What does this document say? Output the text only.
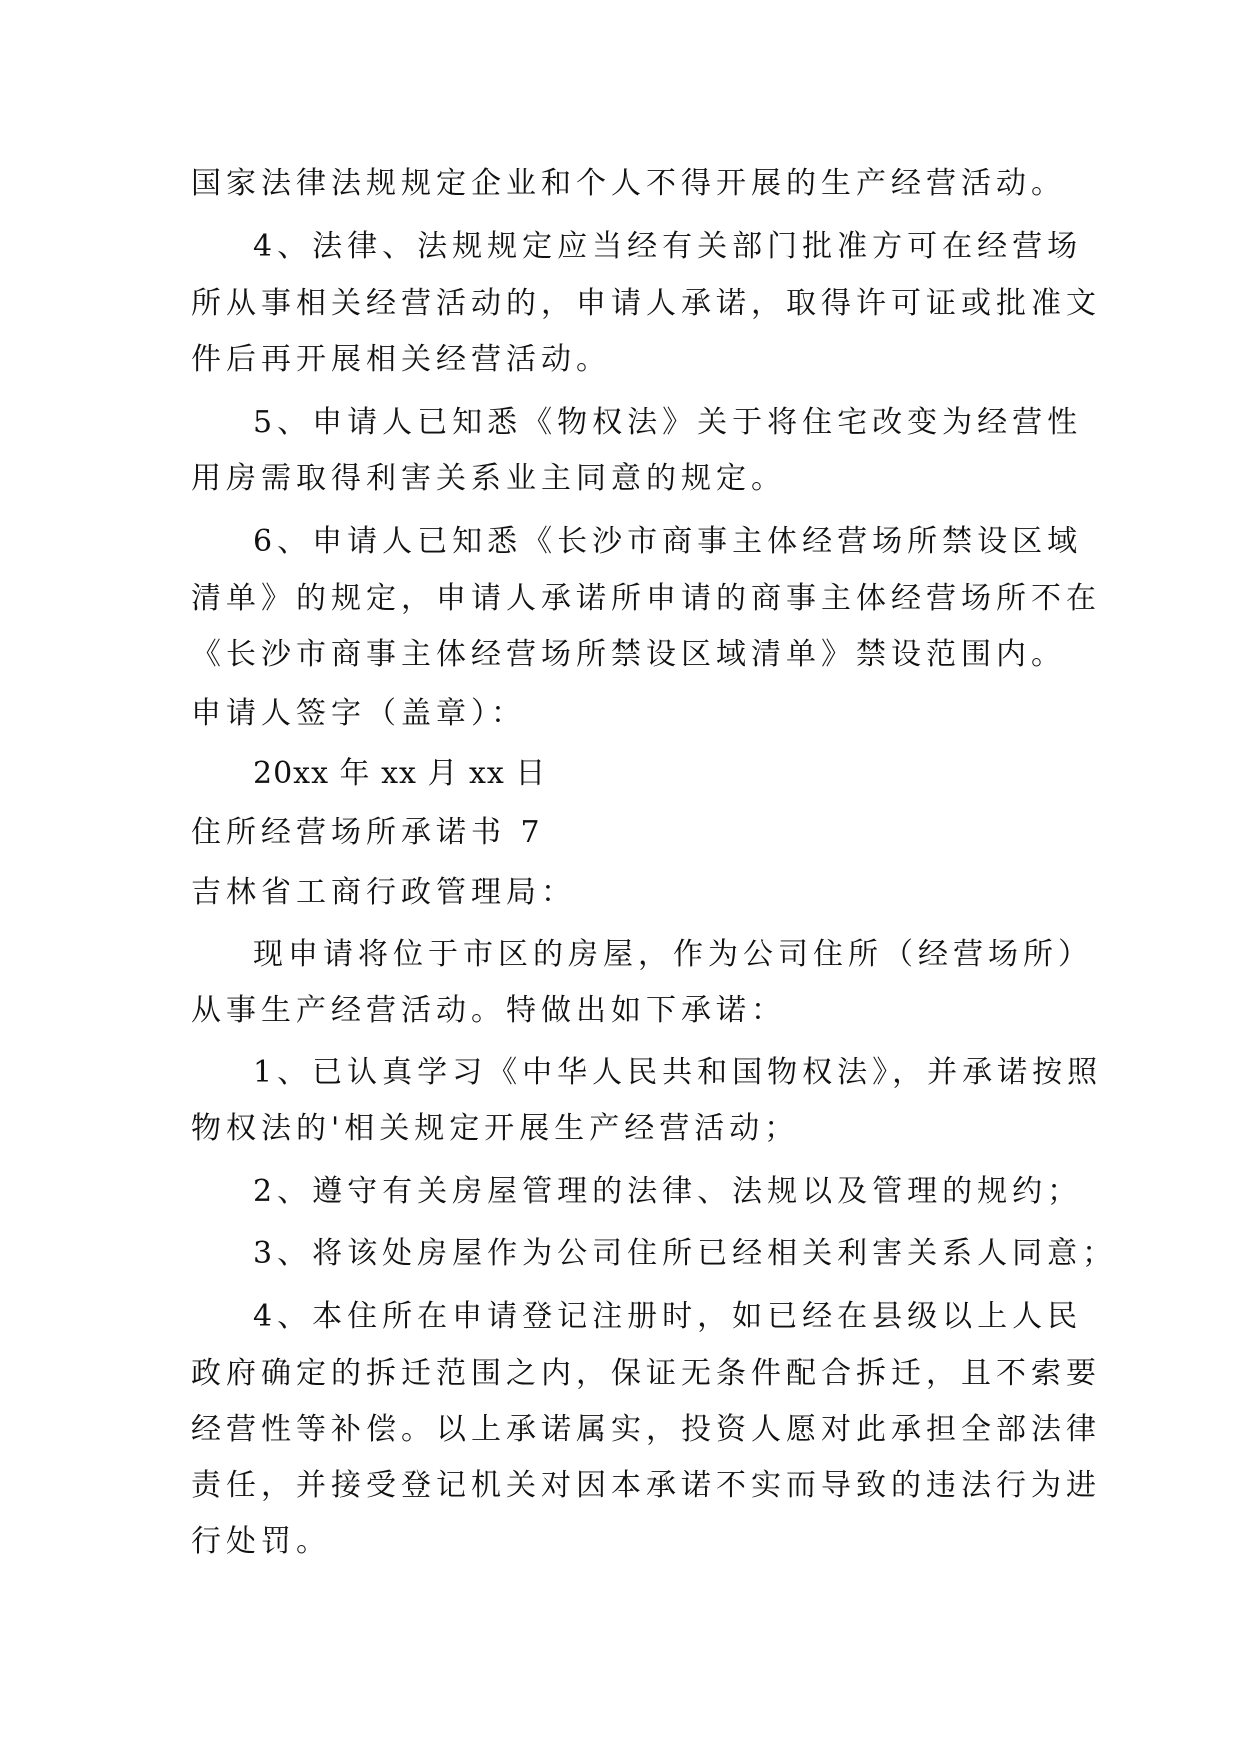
国家法律法规规定企业和个人不得开展的生产经营活动。
4、法律、法规规定应当经有关部门批准方可在经营场
所从事相关经营活动的，申请人承诺，取得许可证或批准文
件后再开展相关经营活动。
5、申请人已知悉《物权法》关于将住宅改变为经营性
用房需取得利害关系业主同意的规定。
6、申请人已知悉《长沙市商事主体经营场所禁设区域
清单》的规定，申请人承诺所申请的商事主体经营场所不在
《长沙市商事主体经营场所禁设区域清单》禁设范围内。
申请人签字（盖章）：
20xx 年 xx 月 xx 日
住所经营场所承诺书 7
吉林省工商行政管理局：
现申请将位于市区的房屋，作为公司住所（经营场所）
从事生产经营活动。特做出如下承诺：
1、已认真学习《中华人民共和国物权法》，并承诺按照
物权法的'相关规定开展生产经营活动；
2、遵守有关房屋管理的法律、法规以及管理的规约；
3、将该处房屋作为公司住所已经相关利害关系人同意；
4、本住所在申请登记注册时，如已经在县级以上人民
政府确定的拆迁范围之内，保证无条件配合拆迁，且不索要
经营性等补偿。以上承诺属实，投资人愿对此承担全部法律
责任，并接受登记机关对因本承诺不实而导致的违法行为进
行处罚。
